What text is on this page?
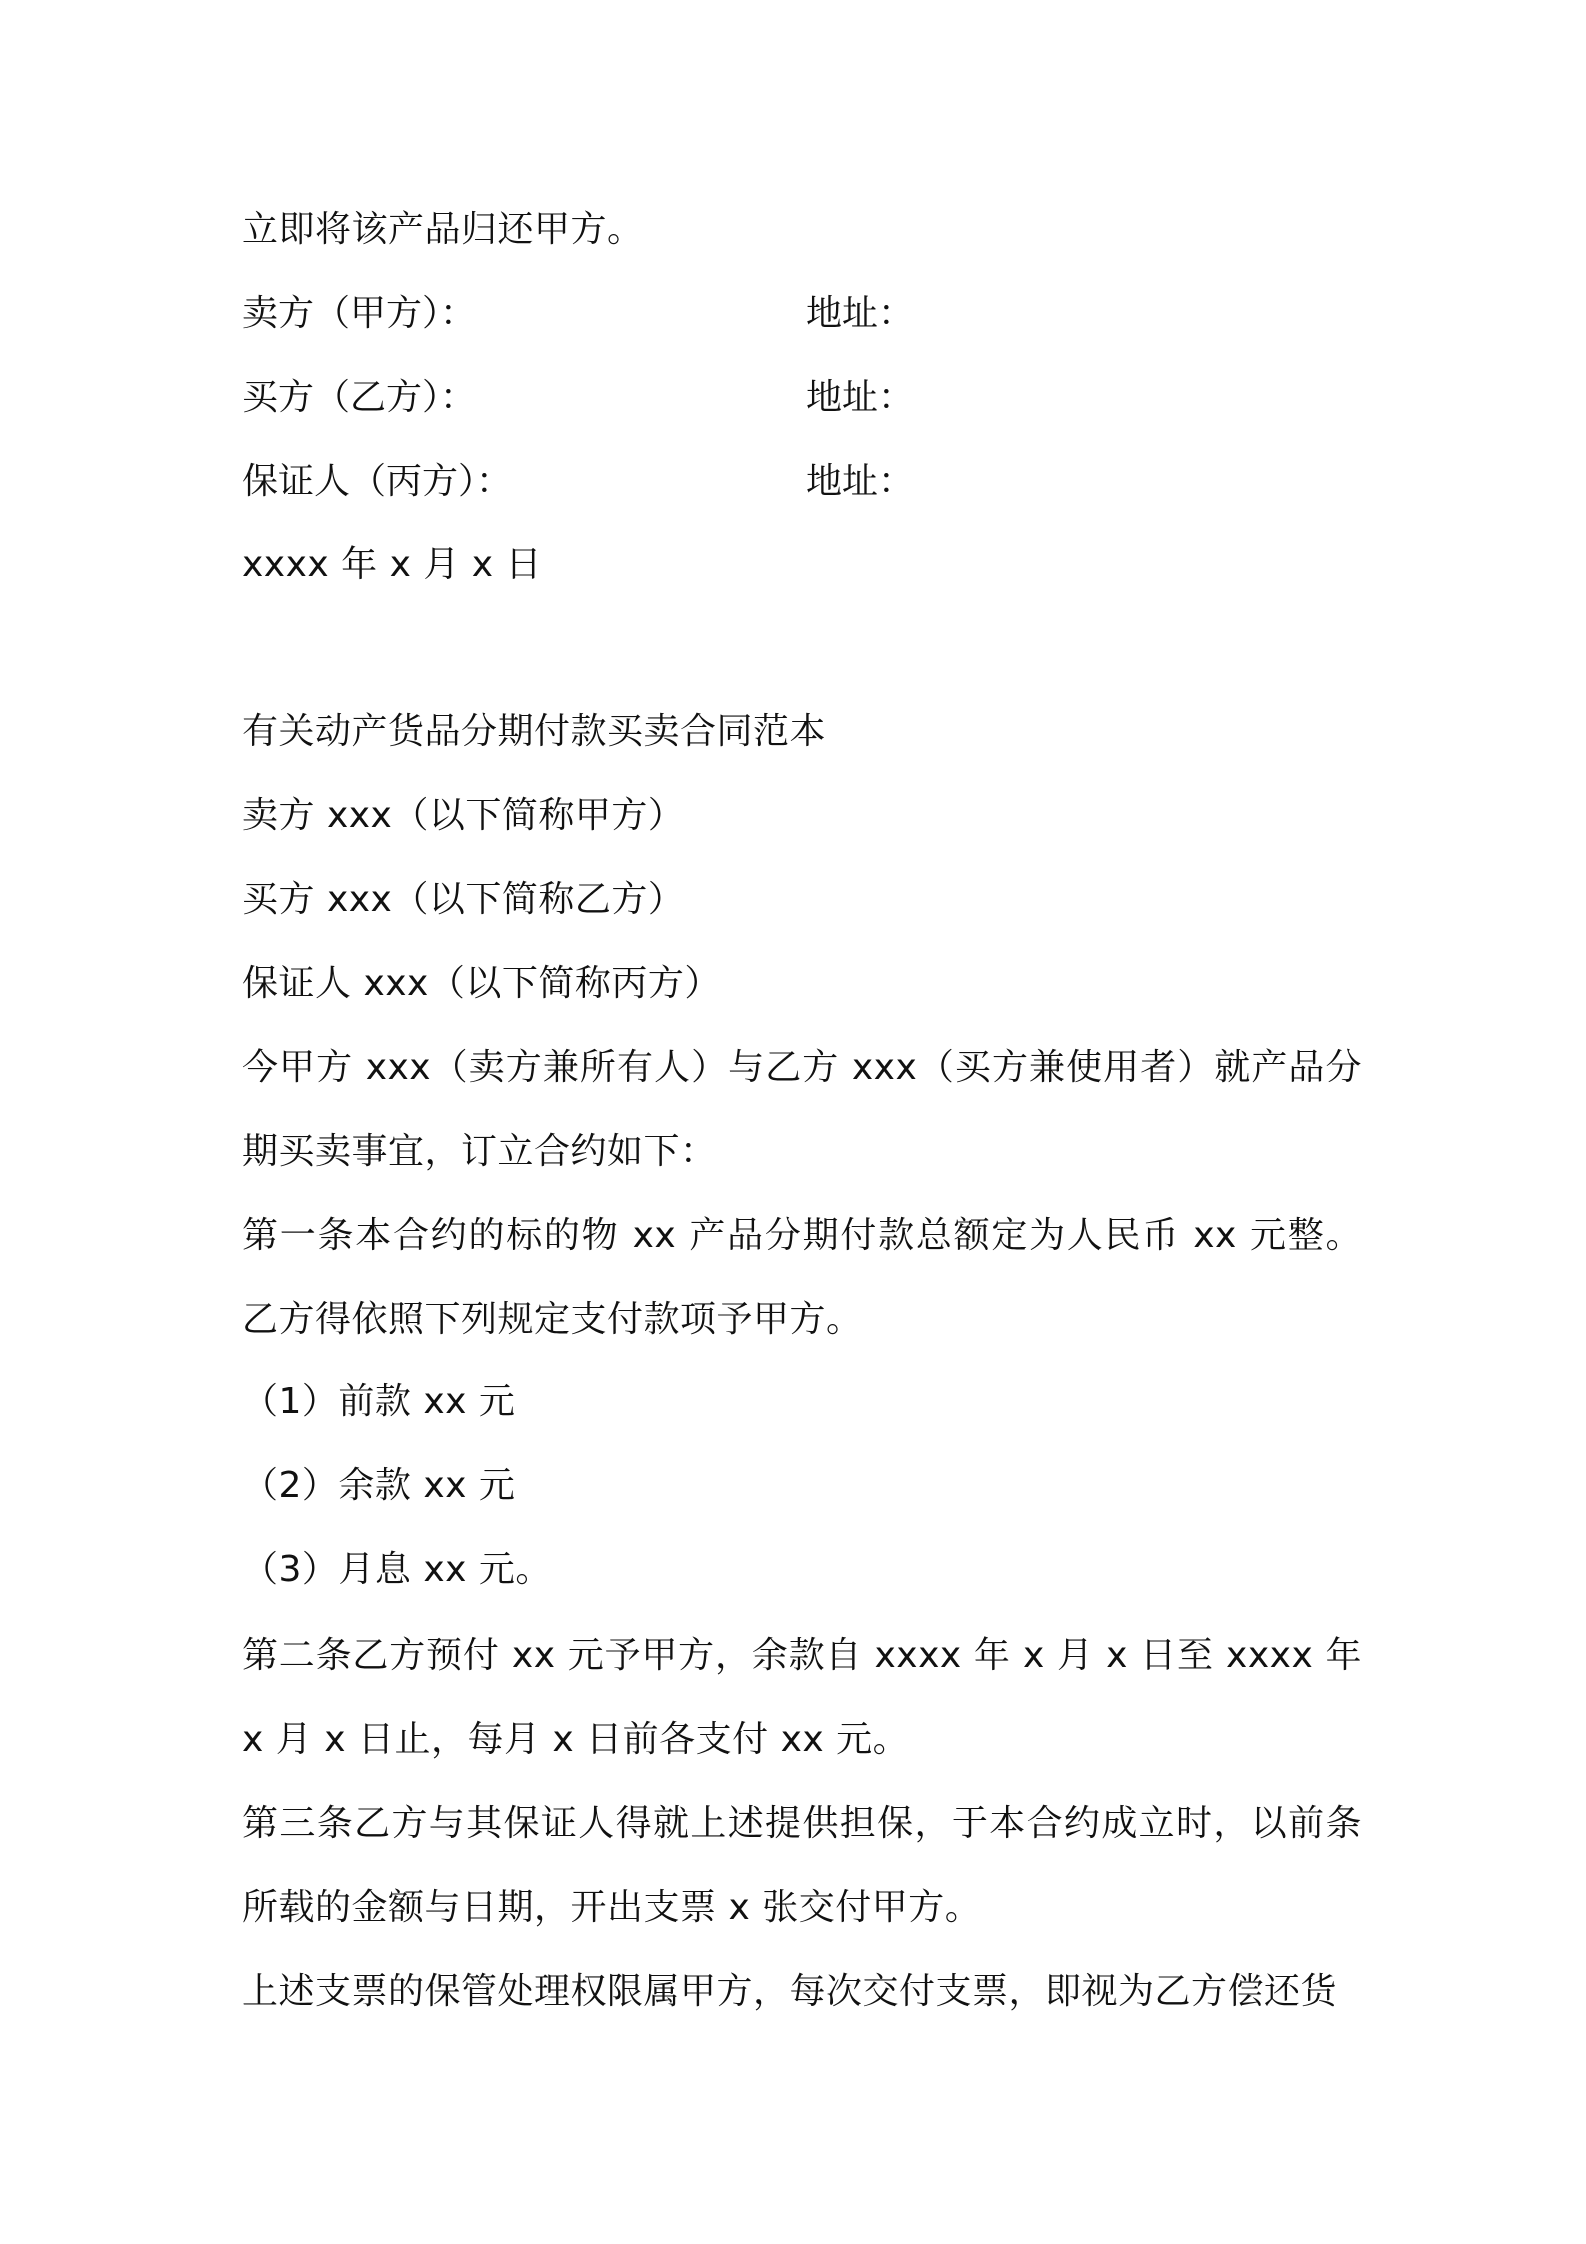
立即将该产品归还甲方。
卖方（甲方）：	地址：
买方（乙方）：	地址：
保证人（丙方）：	地址：
xxxx 年 x 月 x 日
有关动产货品分期付款买卖合同范本
卖方 xxx（以下简称甲方）
买方 xxx（以下简称乙方）
保证人 xxx（以下简称丙方）
今甲方 xxx（卖方兼所有人）与乙方 xxx（买方兼使用者）就产品分期买卖事宜，订立合约如下：
第一条本合约的标的物 xx 产品分期付款总额定为人民币 xx 元整。乙方得依照下列规定支付款项予甲方。
（1）前款 xx 元
（2）余款 xx 元
（3）月息 xx 元。
第二条乙方预付 xx 元予甲方，余款自 xxxx 年 x 月 x 日至 xxxx 年 x 月 x 日止，每月 x 日前各支付 xx 元。
第三条乙方与其保证人得就上述提供担保，于本合约成立时，以前条所载的金额与日期，开出支票 x 张交付甲方。
上述支票的保管处理权限属甲方，每次交付支票，即视为乙方偿还货
